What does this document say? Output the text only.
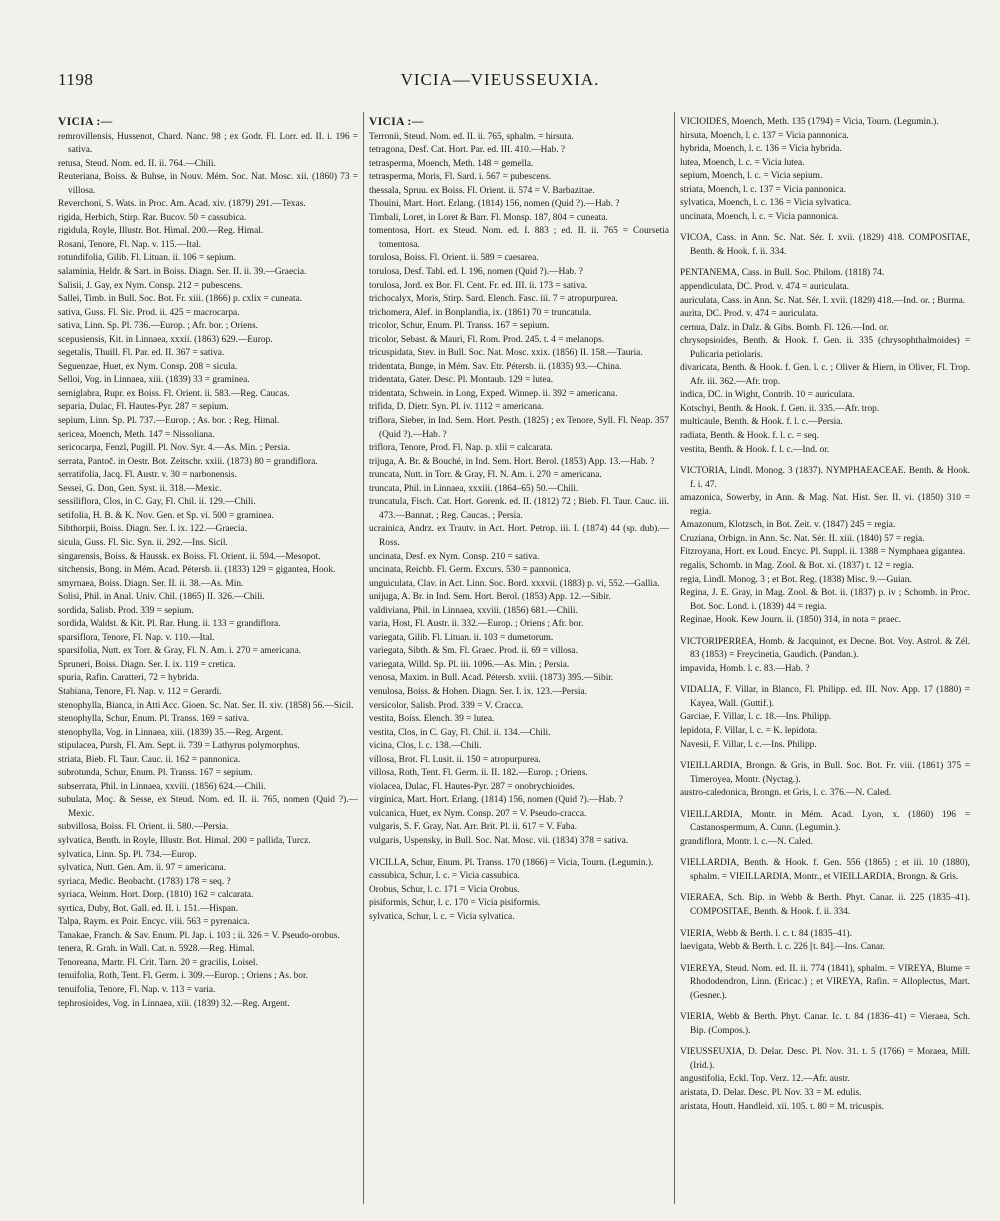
1198	VICIA—VIEUSSEUXIA.
VICIA :—
remrovillensis, Hussenot, Chard. Nanc. 98 ; ex Godr. Fl. Lorr. ed. II. i. 196 = sativa.
retusa, Steud. Nom. ed. II. ii. 764.—Chili.
Reuteriana, Boiss. & Buhse, in Nouv. Mém. Soc. Nat. Mosc. xii. (1860) 73 = villosa.
Reverchoni, S. Wats. in Proc. Am. Acad. xiv. (1879) 291.—Texas.
rigida, Herbich, Stirp. Rar. Bucov. 50 = cassubica.
rigidula, Royle, Illustr. Bot. Himal. 200.—Reg. Himal.
Rosani, Tenore, Fl. Nap. v. 115.—Ital.
rotundifolia, Gilib. Fl. Lituan. ii. 106 = sepium.
salaminia, Heldr. & Sart. in Boiss. Diagn. Ser. II. ii. 39.—Graecia.
Salisii, J. Gay, ex Nym. Consp. 212 = pubescens.
Sallei, Timb. in Bull. Soc. Bot. Fr. xiii. (1866) p. cxlix = cuneata.
sativa, Guss. Fl. Sic. Prod. ii. 425 = macrocarpa.
sativa, Linn. Sp. Pl. 736.—Europ. ; Afr. bor. ; Oriens.
scepusiensis, Kit. in Linnaea, xxxii. (1863) 629.—Europ.
segetalis, Thuill. Fl. Par. ed. II. 367 = sativa.
Seguenzae, Huet, ex Nym. Consp. 208 = sicula.
Selloi, Vog. in Linnaea, xiii. (1839) 33 = graminea.
semiglabra, Rupr. ex Boiss. Fl. Orient. ii. 583.—Reg. Caucas.
separia, Dulac, Fl. Hautes-Pyr. 287 = sepium.
sepium, Linn. Sp. Pl. 737.—Europ. ; As. bor. ; Reg. Himal.
sericea, Moench, Meth. 147 = Nissoliana.
sericocarpa, Fenzl, Pugill. Pl. Nov. Syr. 4.—As. Min. ; Persia.
serrata, Pantoč. in Oestr. Bot. Zeitschr. xxiii. (1873) 80 = grandiflora.
serratifolia, Jacq. Fl. Austr. v. 30 = narbonensis.
Sessei, G. Don, Gen. Syst. ii. 318.—Mexic.
sessiliflora, Clos, in C. Gay, Fl. Chil. ii. 129.—Chili.
setifolia, H. B. & K. Nov. Gen. et Sp. vi. 500 = graminea.
Sibthorpii, Boiss. Diagn. Ser. I. ix. 122.—Graecia.
sicula, Guss. Fl. Sic. Syn. ii. 292.—Ins. Sicil.
singarensis, Boiss. & Haussk. ex Boiss. Fl. Orient. ii. 594.—Mesopot.
sitchensis, Bong. in Mém. Acad. Pétersb. ii. (1833) 129 = gigantea, Hook.
smyrnaea, Boiss. Diagn. Ser. II. ii. 38.—As. Min.
Solisi, Phil. in Anal. Univ. Chil. (1865) II. 326.—Chili.
sordida, Salisb. Prod. 339 = sepium.
sordida, Waldst. & Kit. Pl. Rar. Hung. ii. 133 = grandiflora.
sparsiflora, Tenore, Fl. Nap. v. 110.—Ital.
sparsifolia, Nutt. ex Torr. & Gray, Fl. N. Am. i. 270 = americana.
Spruneri, Boiss. Diagn. Ser. I. ix. 119 = cretica.
spuria, Rafin. Caratteri, 72 = hybrida.
Stabiana, Tenore, Fl. Nap. v. 112 = Gerardi.
stenophylla, Bianca, in Atti Acc. Gioen. Sc. Nat. Ser. II. xiv. (1858) 56.—Sicil.
stenophylla, Schur, Enum. Pl. Transs. 169 = sativa.
stenophylla, Vog. in Linnaea, xiii. (1839) 35.—Reg. Argent.
stipulacea, Pursh, Fl. Am. Sept. ii. 739 = Lathyrus polymorphus.
striata, Bieb. Fl. Taur. Cauc. ii. 162 = pannonica.
subrotunda, Schur, Enum. Pl. Transs. 167 = sepium.
subserrata, Phil. in Linnaea, xxviii. (1856) 624.—Chili.
subulata, Moç. & Sesse, ex Steud. Nom. ed. II. ii. 765, nomen (Quid ?).—Mexic.
subvillosa, Boiss. Fl. Orient. ii. 580.—Persia.
sylvatica, Benth. in Royle, Illustr. Bot. Himal. 200 = pallida, Turcz.
sylvatica, Linn. Sp. Pl. 734.—Europ.
sylvatica, Nutt. Gen. Am. ii. 97 = americana.
syriaca, Medic. Beobacht. (1783) 178 = seq. ?
syriaca, Weinm. Hort. Dorp. (1810) 162 = calcarata.
syrtica, Duby, Bot. Gall. ed. II. i. 151.—Hispan.
Talpa, Raym. ex Poir. Encyc. viii. 563 = pyrenaica.
Tanakae, Franch. & Sav. Enum. Pl. Jap. i. 103 ; ii. 326 = V. Pseudo-orobus.
tenera, R. Grah. in Wall. Cat. n. 5928.—Reg. Himal.
Tenoreana, Martr. Fl. Crit. Tarn. 20 = gracilis, Loisel.
tenuifolia, Roth, Tent. Fl. Germ. i. 309.—Europ. ; Oriens ; As. bor.
tenuifolia, Tenore, Fl. Nap. v. 113 = varia.
tephrosioides, Vog. in Linnaea, xiii. (1839) 32.—Reg. Argent.
VICIA :—
Terronii, Steud. Nom. ed. II. ii. 765, sphalm. = hirsuta.
tetragona, Desf. Cat. Hort. Par. ed. III. 410.—Hab. ?
tetrasperma, Moench, Meth. 148 = gemella.
tetrasperma, Moris, Fl. Sard. i. 567 = pubescens.
thessala, Spruu. ex Boiss. Fl. Orient. ii. 574 = V. Barbazitae.
Thouini, Mart. Hort. Erlang. (1814) 156, nomen (Quid ?).—Hab. ?
Timbali, Loret, in Loret & Barr. Fl. Monsp. 187, 804 = cuneata.
tomentosa, Hort. ex Steud. Nom. ed. I. 883 ; ed. II. ii. 765 = Coursetia tomentosa.
torulosa, Boiss. Fl. Orient. ii. 589 = caesarea.
torulosa, Desf. Tabl. ed. I. 196, nomen (Quid ?).—Hab. ?
torulosa, Jord. ex Bor. Fl. Cent. Fr. ed. III. ii. 173 = sativa.
trichocalyx, Moris, Stirp. Sard. Elench. Fasc. iii. 7 = atropurpurea.
trichomera, Alef. in Bonplandia, ix. (1861) 70 = truncatula.
tricolor, Schur, Enum. Pl. Transs. 167 = sepium.
tricolor, Sebast. & Mauri, Fl. Rom. Prod. 245. t. 4 = melanops.
tricuspidata, Stev. in Bull. Soc. Nat. Mosc. xxix. (1856) II. 158.—Tauria.
tridentata, Bunge, in Mém. Sav. Etr. Pétersb. ii. (1835) 93.—China.
tridentata, Gater. Desc. Pl. Montaub. 129 = lutea.
tridentata, Schwein. in Long, Exped. Winnep. ii. 392 = americana.
trifida, D. Dietr. Syn. Pl. iv. 1112 = americana.
triflora, Sieber, in Ind. Sem. Hort. Pesth. (1825) ; ex Tenore, Syll. Fl. Neap. 357 (Quid ?).—Hab. ?
triflora, Tenore, Prod. Fl. Nap. p. xlii = calcarata.
trijuga, A. Br. & Bouché, in Ind. Sem. Hort. Berol. (1853) App. 13.—Hab. ?
truncata, Nutt. in Torr. & Gray, Fl. N. Am. i. 270 = americana.
truncata, Phil. in Linnaea, xxxiii. (1864–65) 50.—Chili.
truncatula, Fisch. Cat. Hort. Gorenk. ed. II. (1812) 72 ; Bieb. Fl. Taur. Cauc. iii. 473.—Bannat. ; Reg. Caucas. ; Persia.
ucrainica, Andrz. ex Trautv. in Act. Hort. Petrop. iii. I. (1874) 44 (sp. dub).—Ross.
uncinata, Desf. ex Nym. Consp. 210 = sativa.
uncinata, Reichb. Fl. Germ. Excurs. 530 = pannonica.
unguiculata, Clav. in Act. Linn. Soc. Bord. xxxvii. (1883) p. vi, 552.—Gallia.
unijuga, A. Br. in Ind. Sem. Hort. Berol. (1853) App. 12.—Sibir.
valdiviana, Phil. in Linnaea, xxviii. (1856) 681.—Chili.
varia, Host, Fl. Austr. ii. 332.—Europ. ; Oriens ; Afr. bor.
variegata, Gilib. Fl. Lituan. ii. 103 = dumetorum.
variegata, Sibth. & Sm. Fl. Graec. Prod. ii. 69 = villosa.
variegata, Willd. Sp. Pl. iii. 1096.—As. Min. ; Persia.
venosa, Maxim. in Bull. Acad. Pétersb. xviii. (1873) 395.—Sibir.
venulosa, Boiss. & Hohen. Diagn. Ser. I. ix. 123.—Persia.
versicolor, Salisb. Prod. 339 = V. Cracca.
vestita, Boiss. Elench. 39 = lutea.
vestita, Clos, in C. Gay, Fl. Chil. ii. 134.—Chili.
vicina, Clos, l. c. 138.—Chili.
villosa, Brot. Fl. Lusit. ii. 150 = atropurpurea.
villosa, Roth, Tent. Fl. Germ. ii. II. 182.—Europ. ; Oriens.
violacea, Dulac, Fl. Hautes-Pyr. 287 = onobrychioides.
virginica, Mart. Hort. Erlang. (1814) 156, nomen (Quid ?).—Hab. ?
vulcanica, Huet, ex Nym. Consp. 207 = V. Pseudo-cracca.
vulgaris, S. F. Gray, Nat. Arr. Brit. Pl. ii. 617 = V. Faba.
vulgaris, Uspensky, in Bull. Soc. Nat. Mosc. vii. (1834) 378 = sativa.
VICILLA, Schur, Enum. Pl. Transs. 170 (1866) = Vicia, Tourn. (Legumin.).
cassubica, Schur, l. c. = Vicia cassubica.
Orobus, Schur, l. c. 171 = Vicia Orobus.
pisiformis, Schur, l. c. 170 = Vicia pisiformis.
sylvatica, Schur, l. c. = Vicia sylvatica.
VICIOIDES, Moench, Meth. 135 (1794) = Vicia, Tourn. (Legumin.).
hirsuta, Moench, l. c. 137 = Vicia pannonica.
hybrida, Moench, l. c. 136 = Vicia hybrida.
lutea, Moench, l. c. = Vicia lutea.
sepium, Moench, l. c. = Vicia sepium.
striata, Moench, l. c. 137 = Vicia pannonica.
sylvatica, Moench, l. c. 136 = Vicia sylvatica.
uncinata, Moench, l. c. = Vicia pannonica.
VICOA, Cass. in Ann. Sc. Nat. Sér. I. xvii. (1829) 418. COMPOSITAE, Benth. & Hook. f. ii. 334.
PENTANEMA, Cass. in Bull. Soc. Philom. (1818) 74.
appendiculata, DC. Prod. v. 474 = auriculata.
auriculata, Cass. in Ann. Sc. Nat. Sér. I. xvii. (1829) 418.—Ind. or. ; Burma.
aurita, DC. Prod. v. 474 = auriculata.
cernua, Dalz. in Dalz. & Gibs. Bomb. Fl. 126.—Ind. or.
chrysopsioides, Benth. & Hook. f. Gen. ii. 335 (chrysophthalmoides) = Pulicaria petiolaris.
divaricata, Benth. & Hook. f. Gen. l. c. ; Oliver & Hiern, in Oliver, Fl. Trop. Afr. iii. 362.—Afr. trop.
indica, DC. in Wight, Contrib. 10 = auriculata.
Kotschyi, Benth. & Hook. f. Gen. ii. 335.—Afr. trop.
multicaule, Benth. & Hook. f. l. c.—Persia.
radiata, Benth. & Hook. f. l. c. = seq.
vestita, Benth. & Hook. f. l. c.—Ind. or.
VICTORIA, Lindl. Monog. 3 (1837). NYMPHAEACEAE. Benth. & Hook. f. i. 47.
amazonica, Sowerby, in Ann. & Mag. Nat. Hist. Ser. II. vi. (1850) 310 = regia.
Amazonum, Klotzsch, in Bot. Zeit. v. (1847) 245 = regia.
Cruziana, Orbign. in Ann. Sc. Nat. Sér. II. xiii. (1840) 57 = regia.
Fitzroyana, Hort. ex Loud. Encyc. Pl. Suppl. ii. 1388 = Nymphaea gigantea.
regalis, Schomb. in Mag. Zool. & Bot. xi. (1837) t. 12 = regia.
regia, Lindl. Monog. 3 ; et Bot. Reg. (1838) Misc. 9.—Guian.
Regina, J. E. Gray, in Mag. Zool. & Bot. ii. (1837) p. iv ; Schomb. in Proc. Bot. Soc. Lond. i. (1839) 44 = regia.
Reginae, Hook. Kew Journ. ii. (1850) 314, in nota = praec.
VICTORIPERREA, Homb. & Jacquinot, ex Decne. Bot. Voy. Astrol. & Zél. 83 (1853) = Freycinetia, Gaudich. (Pandan.).
impavida, Homb. l. c. 83.—Hab. ?
VIDALIA, F. Villar, in Blanco, Fl. Philipp. ed. III. Nov. App. 17 (1880) = Kayea, Wall. (Guttif.).
Garciae, F. Villar, l. c. 18.—Ins. Philipp.
lepidota, F. Villar, l. c. = K. lepidota.
Navesii, F. Villar, l. c.—Ins. Philipp.
VIEILLARDIA, Brongn. & Gris, in Bull. Soc. Bot. Fr. viii. (1861) 375 = Timeroyea, Montr. (Nyctag.).
austro-caledonica, Brongn. et Gris, l. c. 376.—N. Caled.
VIEILLARDIA, Montr. in Mém. Acad. Lyon, x. (1860) 196 = Castanospermum, A. Cunn. (Legumin.).
grandiflora, Montr. l. c.—N. Caled.
VIELLARDIA, Benth. & Hook. f. Gen. 556 (1865) ; et iii. 10 (1880), sphalm. = VIEILLARDIA, Montr., et VIEILLARDIA, Brongn. & Gris.
VIERAEA, Sch. Bip. in Webb & Berth. Phyt. Canar. ii. 225 (1835–41). COMPOSITAE, Benth. & Hook. f. ii. 334.
VIERIA, Webb & Berth. l. c. t. 84 (1835–41).
laevigata, Webb & Berth. l. c. 226 [t. 84].—Ins. Canar.
VIEREYA, Steud. Nom. ed. II. ii. 774 (1841), sphalm. = VIREYA, Blume = Rhododendron, Linn. (Ericac.) ; et VIREYA, Rafin. = Alloplectus, Mart. (Gesner.).
VIERIA, Webb & Berth. Phyt. Canar. Ic. t. 84 (1836–41) = Vieraea, Sch. Bip. (Compos.).
VIEUSSEUXIA, D. Delar. Desc. Pl. Nov. 31. t. 5 (1766) = Moraea, Mill. (Irid.).
angustifolia, Eckl. Top. Verz. 12.—Afr. austr.
aristata, D. Delar. Desc. Pl. Nov. 33 = M. edulis.
aristata, Houtt. Handleid. xii. 105. t. 80 = M. tricuspis.
